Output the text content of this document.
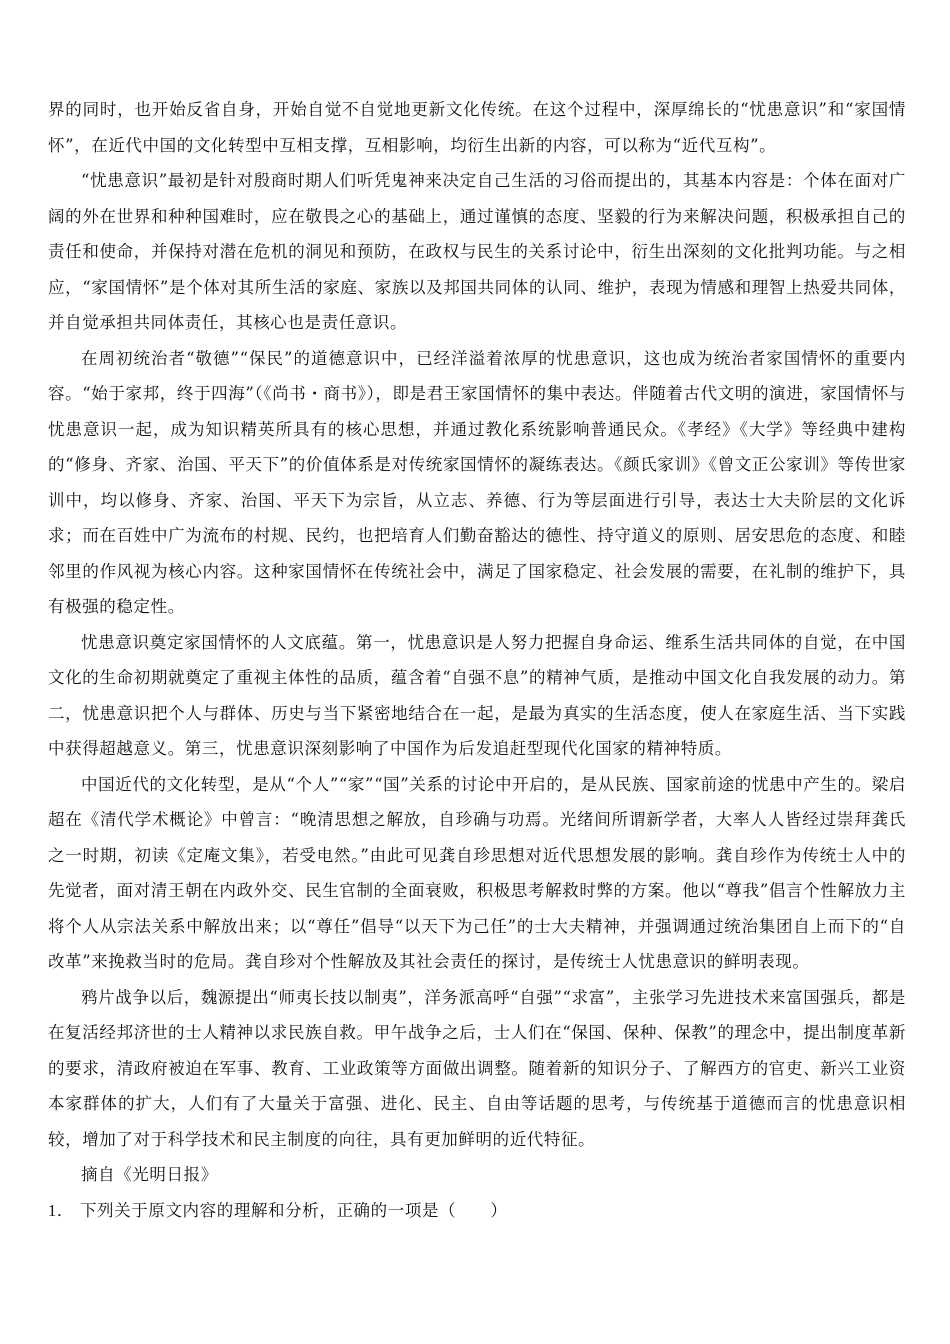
界的同时，也开始反省自身，开始自觉不自觉地更新文化传统。在这个过程中，深厚绵长的“忧患意识”和“家国情怀”，在近代中国的文化转型中互相支撑，互相影响，均衍生出新的内容，可以称为“近代互构”。

“忧患意识”最初是针对殷商时期人们听凭鬼神来决定自己生活的习俗而提出的，其基本内容是：个体在面对广阔的外在世界和种种国难时，应在敬畏之心的基础上，通过谨慎的态度、坚毅的行为来解决问题，积极承担自己的责任和使命，并保持对潜在危机的洞见和预防，在政权与民生的关系讨论中，衍生出深刻的文化批判功能。与之相应，“家国情怀”是个体对其所生活的家庭、家族以及邦国共同体的认同、维护，表现为情感和理智上热爱共同体，并自觉承担共同体责任，其核心也是责任意识。

在周初统治者“敬德”“保民”的道德意识中，已经洋溢着浓厚的忧患意识，这也成为统治者家国情怀的重要内容。“始于家邦，终于四海”（《尚书・商书》），即是君王家国情怀的集中表达。伴随着古代文明的演进，家国情怀与忧患意识一起，成为知识精英所具有的核心思想，并通过教化系统影响普通民众。《孝经》《大学》等经典中建构的“修身、齐家、治国、平天下”的价值体系是对传统家国情怀的凝练表达。《颜氏家训》《曾文正公家训》等传世家训中，均以修身、齐家、治国、平天下为宗旨，从立志、养德、行为等层面进行引导，表达士大夫阶层的文化诉求；而在百姓中广为流布的村规、民约，也把培育人们勤奋豁达的德性、持守道义的原则、居安思危的态度、和睦邻里的作风视为核心内容。这种家国情怀在传统社会中，满足了国家稳定、社会发展的需要，在礼制的维护下，具有极强的稳定性。

忧患意识奠定家国情怀的人文底蕴。第一，忧患意识是人努力把握自身命运、维系生活共同体的自觉，在中国文化的生命初期就奠定了重视主体性的品质，蕴含着“自强不息”的精神气质，是推动中国文化自我发展的动力。第二，忧患意识把个人与群体、历史与当下紧密地结合在一起，是最为真实的生活态度，使人在家庭生活、当下实践中获得超越意义。第三，忧患意识深刻影响了中国作为后发追赶型现代化国家的精神特质。

中国近代的文化转型，是从“个人”“家”“国”关系的讨论中开启的，是从民族、国家前途的忧患中产生的。梁启超在《清代学术概论》中曾言：“晚清思想之解放，自珍确与功焉。光绪间所谓新学者，大率人人皆经过崇拜龚氏之一时期，初读《定庵文集》，若受电然。”由此可见龚自珍思想对近代思想发展的影响。龚自珍作为传统士人中的先觉者，面对清王朝在内政外交、民生官制的全面衰败，积极思考解救时弊的方案。他以“尊我”倡言个性解放力主将个人从宗法关系中解放出来；以“尊任”倡导“以天下为己任”的士大夫精神，并强调通过统治集团自上而下的“自改革”来挽救当时的危局。龚自珍对个性解放及其社会责任的探讨，是传统士人忧患意识的鲜明表现。

鸦片战争以后，魏源提出“师夷长技以制夷”，洋务派高呼“自强”“求富”，主张学习先进技术来富国强兵，都是在复活经邦济世的士人精神以求民族自救。甲午战争之后，士人们在“保国、保种、保教”的理念中，提出制度革新的要求，清政府被迫在军事、教育、工业政策等方面做出调整。随着新的知识分子、了解西方的官吏、新兴工业资本家群体的扩大，人们有了大量关于富强、进化、民主、自由等话题的思考，与传统基于道德而言的忧患意识相较，增加了对于科学技术和民主制度的向往，具有更加鲜明的近代特征。

摘自《光明日报》

1． 下列关于原文内容的理解和分析，正确的一项是（　　）
